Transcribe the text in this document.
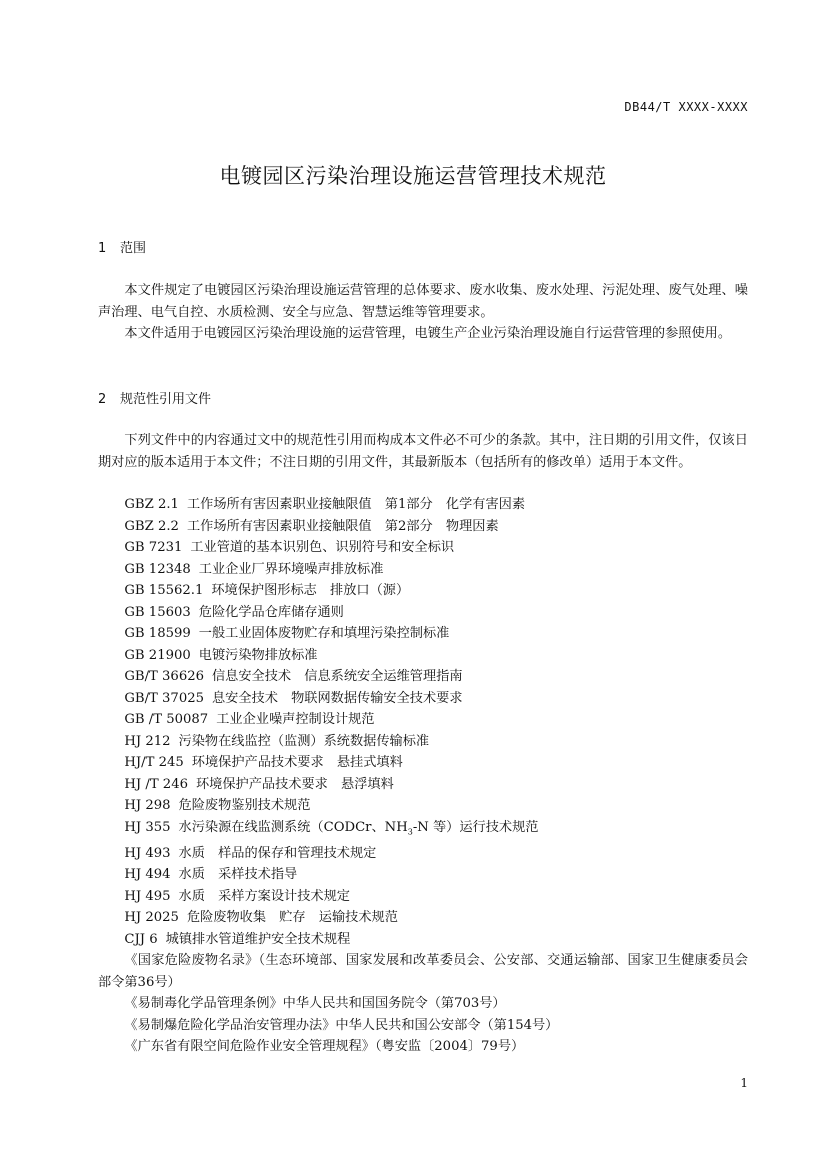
DB44/T XXXX-XXXX
电镀园区污染治理设施运营管理技术规范
1 范围
本文件规定了电镀园区污染治理设施运营管理的总体要求、废水收集、废水处理、污泥处理、废气处理、噪声治理、电气自控、水质检测、安全与应急、智慧运维等管理要求。
本文件适用于电镀园区污染治理设施的运营管理，电镀生产企业污染治理设施自行运营管理的参照使用。
2 规范性引用文件
下列文件中的内容通过文中的规范性引用而构成本文件必不可少的条款。其中，注日期的引用文件，仅该日期对应的版本适用于本文件；不注日期的引用文件，其最新版本（包括所有的修改单）适用于本文件。
GBZ 2.1 工作场所有害因素职业接触限值　第1部分　化学有害因素
GBZ 2.2 工作场所有害因素职业接触限值　第2部分　物理因素
GB 7231 工业管道的基本识别色、识别符号和安全标识
GB 12348 工业企业厂界环境噪声排放标准
GB 15562.1 环境保护图形标志　排放口（源）
GB 15603 危险化学品仓库储存通则
GB 18599 一般工业固体废物贮存和填埋污染控制标准
GB 21900 电镀污染物排放标准
GB/T 36626 信息安全技术　信息系统安全运维管理指南
GB/T 37025 息安全技术　物联网数据传输安全技术要求
GB /T 50087 工业企业噪声控制设计规范
HJ 212 污染物在线监控（监测）系统数据传输标准
HJ/T 245 环境保护产品技术要求　悬挂式填料
HJ /T 246 环境保护产品技术要求　悬浮填料
HJ 298 危险废物鉴别技术规范
HJ 355 水污染源在线监测系统（CODCr、$NH_3-N$ 等）运行技术规范
HJ 493 水质　样品的保存和管理技术规定
HJ 494 水质　采样技术指导
HJ 495 水质　采样方案设计技术规定
HJ 2025 危险废物收集　贮存　运输技术规范
CJJ 6 城镇排水管道维护安全技术规程
《国家危险废物名录》（生态环境部、国家发展和改革委员会、公安部、交通运输部、国家卫生健康委员会部令第36号）
《易制毒化学品管理条例》中华人民共和国国务院令（第703号）
《易制爆危险化学品治安管理办法》中华人民共和国公安部令（第154号）
《广东省有限空间危险作业安全管理规程》（粤安监〔2004〕79号）
1
